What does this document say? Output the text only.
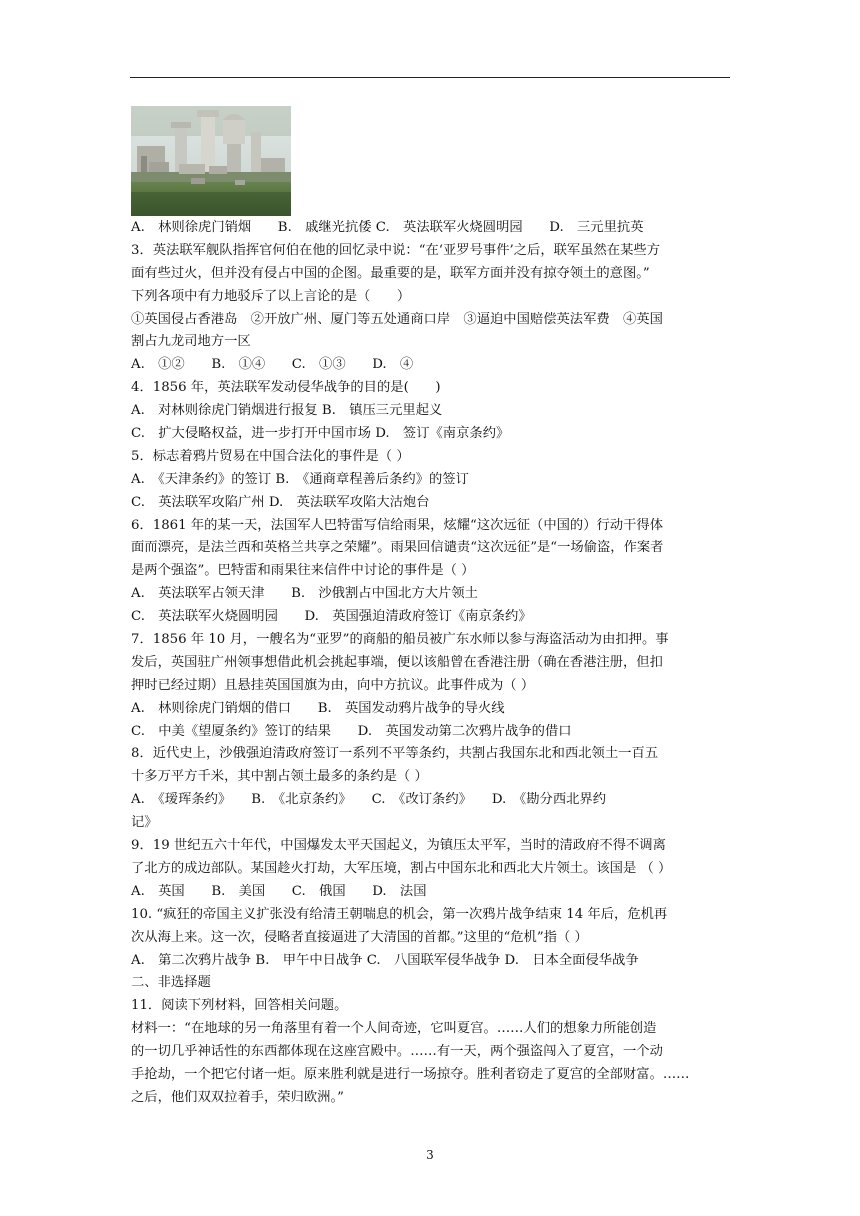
A.　林则徐虎门销烟　　B.　戚继光抗倭 C.　英法联军火烧圆明园　　D.　三元里抗英
3．英法联军舰队指挥官何伯在他的回忆录中说：“在‘亚罗号事件’之后，联军虽然在某些方
面有些过火，但并没有侵占中国的企图。最重要的是，联军方面并没有掠夺领土的意图。”
下列各项中有力地驳斥了以上言论的是（　　）
①英国侵占香港岛　②开放广州、厦门等五处通商口岸　③逼迫中国赔偿英法军费　④英国
割占九龙司地方一区
A.　①②　　B.　①④　　C.　①③　　D.　④
4．1856 年，英法联军发动侵华战争的目的是(　　)
A.　对林则徐虎门销烟进行报复 B.　镇压三元里起义
C.　扩大侵略权益，进一步打开中国市场 D.　签订《南京条约》
5．标志着鸦片贸易在中国合法化的事件是（ ）
A.　《天津条约》的签订 B.　《通商章程善后条约》的签订
C.　英法联军攻陷广州 D.　英法联军攻陷大沽炮台
6．1861 年的某一天，法国军人巴特雷写信给雨果，炫耀“这次远征（中国的）行动干得体
面而漂亮，是法兰西和英格兰共享之荣耀”。雨果回信谴责“这次远征”是“一场偷盗，作案者
是两个强盗”。巴特雷和雨果往来信件中讨论的事件是（ ）
A.　英法联军占领天津　　B.　沙俄割占中国北方大片领土
C.　英法联军火烧圆明园　　D.　英国强迫清政府签订《南京条约》
7．1856 年 10 月，一艘名为“亚罗”的商船的船员被广东水师以参与海盗活动为由扣押。事
发后，英国驻广州领事想借此机会挑起事端，便以该船曾在香港注册（确在香港注册，但扣
押时已经过期）且悬挂英国国旗为由，向中方抗议。此事件成为（ ）
A.　林则徐虎门销烟的借口　　B.　英国发动鸦片战争的导火线
C.　中美《望厦条约》签订的结果　　D.　英国发动第二次鸦片战争的借口
8．近代史上，沙俄强迫清政府签订一系列不平等条约，共割占我国东北和西北领土一百五
十多万平方千米，其中割占领土最多的条约是（ ）
A.　《瑷珲条约》　　B.　《北京条约》　　C.　《改订条约》　　D.　《勘分西北界约
记》
9．19 世纪五六十年代，中国爆发太平天国起义，为镇压太平军，当时的清政府不得不调离
了北方的成边部队。某国趁火打劫，大军压境，割占中国东北和西北大片领土。该国是 （ ）
A.　英国　　B.　美国　　C.　俄国　　D.　法国
10. “疯狂的帝国主义扩张没有给清王朝喘息的机会，第一次鸦片战争结束 14 年后，危机再
次从海上来。这一次，侵略者直接逼进了大清国的首都。”这里的“危机”指（ ）
A.　第二次鸦片战争 B.　甲午中日战争 C.　八国联军侵华战争 D.　日本全面侵华战争
二、非选择题
11．阅读下列材料，回答相关问题。
材料一：“在地球的另一角落里有着一个人间奇迹，它叫夏宫。……人们的想象力所能创造
的一切几乎神话性的东西都体现在这座宫殿中。……有一天，两个强盗闯入了夏宫，一个动
手抢劫，一个把它付诸一炬。原来胜利就是进行一场掠夺。胜利者窃走了夏宫的全部财富。……
之后，他们双双拉着手，荣归欧洲。”
3
